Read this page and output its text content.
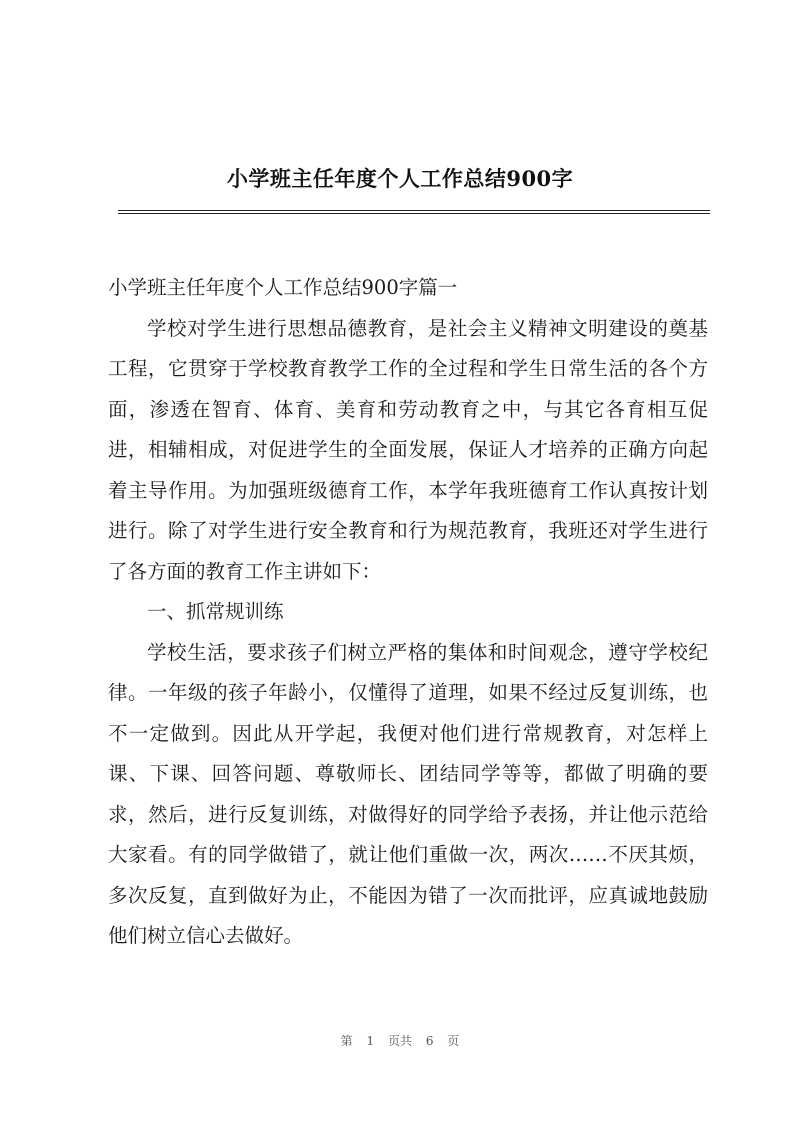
小学班主任年度个人工作总结900字

小学班主任年度个人工作总结900字篇一

学校对学生进行思想品德教育，是社会主义精神文明建设的奠基工程，它贯穿于学校教育教学工作的全过程和学生日常生活的各个方面，渗透在智育、体育、美育和劳动教育之中，与其它各育相互促进，相辅相成，对促进学生的全面发展，保证人才培养的正确方向起着主导作用。为加强班级德育工作，本学年我班德育工作认真按计划进行。除了对学生进行安全教育和行为规范教育，我班还对学生进行了各方面的教育工作主讲如下：

一、抓常规训练

学校生活，要求孩子们树立严格的集体和时间观念，遵守学校纪律。一年级的孩子年龄小，仅懂得了道理，如果不经过反复训练，也不一定做到。因此从开学起，我便对他们进行常规教育，对怎样上课、下课、回答问题、尊敬师长、团结同学等等，都做了明确的要求，然后，进行反复训练，对做得好的同学给予表扬，并让他示范给大家看。有的同学做错了，就让他们重做一次，两次……不厌其烦，多次反复，直到做好为止，不能因为错了一次而批评，应真诚地鼓励他们树立信心去做好。

第 1 页共 6 页
